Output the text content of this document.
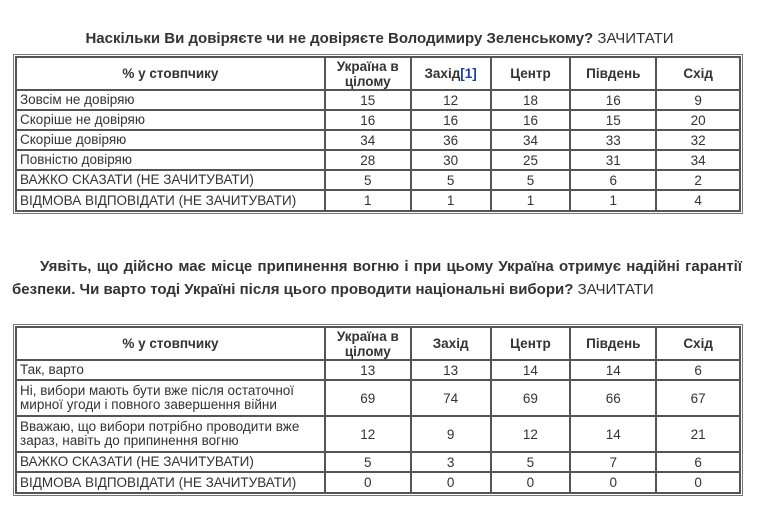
Наскільки Ви довіряєте чи не довіряєте Володимиру Зеленському? ЗАЧИТАТИ
% у стовпчику	Україна в цілому	Захід[1]	Центр	Південь	Схід
Зовсім не довіряю	15	12	18	16	9
Скоріше не довіряю	16	16	16	15	20
Скоріше довіряю	34	36	34	33	32
Повністю довіряю	28	30	25	31	34
ВАЖКО СКАЗАТИ (НЕ ЗАЧИТУВАТИ)	5	5	5	6	2
ВІДМОВА ВІДПОВІДАТИ (НЕ ЗАЧИТУВАТИ)	1	1	1	1	4
Уявіть, що дійсно має місце припинення вогню і при цьому Україна отримує надійні гарантії безпеки. Чи варто тоді Україні після цього проводити національні вибори? ЗАЧИТАТИ
% у стовпчику	Україна в цілому	Захід	Центр	Південь	Схід
Так, варто	13	13	14	14	6
Ні, вибори мають бути вже після остаточної мирної угоди і повного завершення війни	69	74	69	66	67
Вважаю, що вибори потрібно проводити вже зараз, навіть до припинення вогню	12	9	12	14	21
ВАЖКО СКАЗАТИ (НЕ ЗАЧИТУВАТИ)	5	3	5	7	6
ВІДМОВА ВІДПОВІДАТИ (НЕ ЗАЧИТУВАТИ)	0	0	0	0	0
